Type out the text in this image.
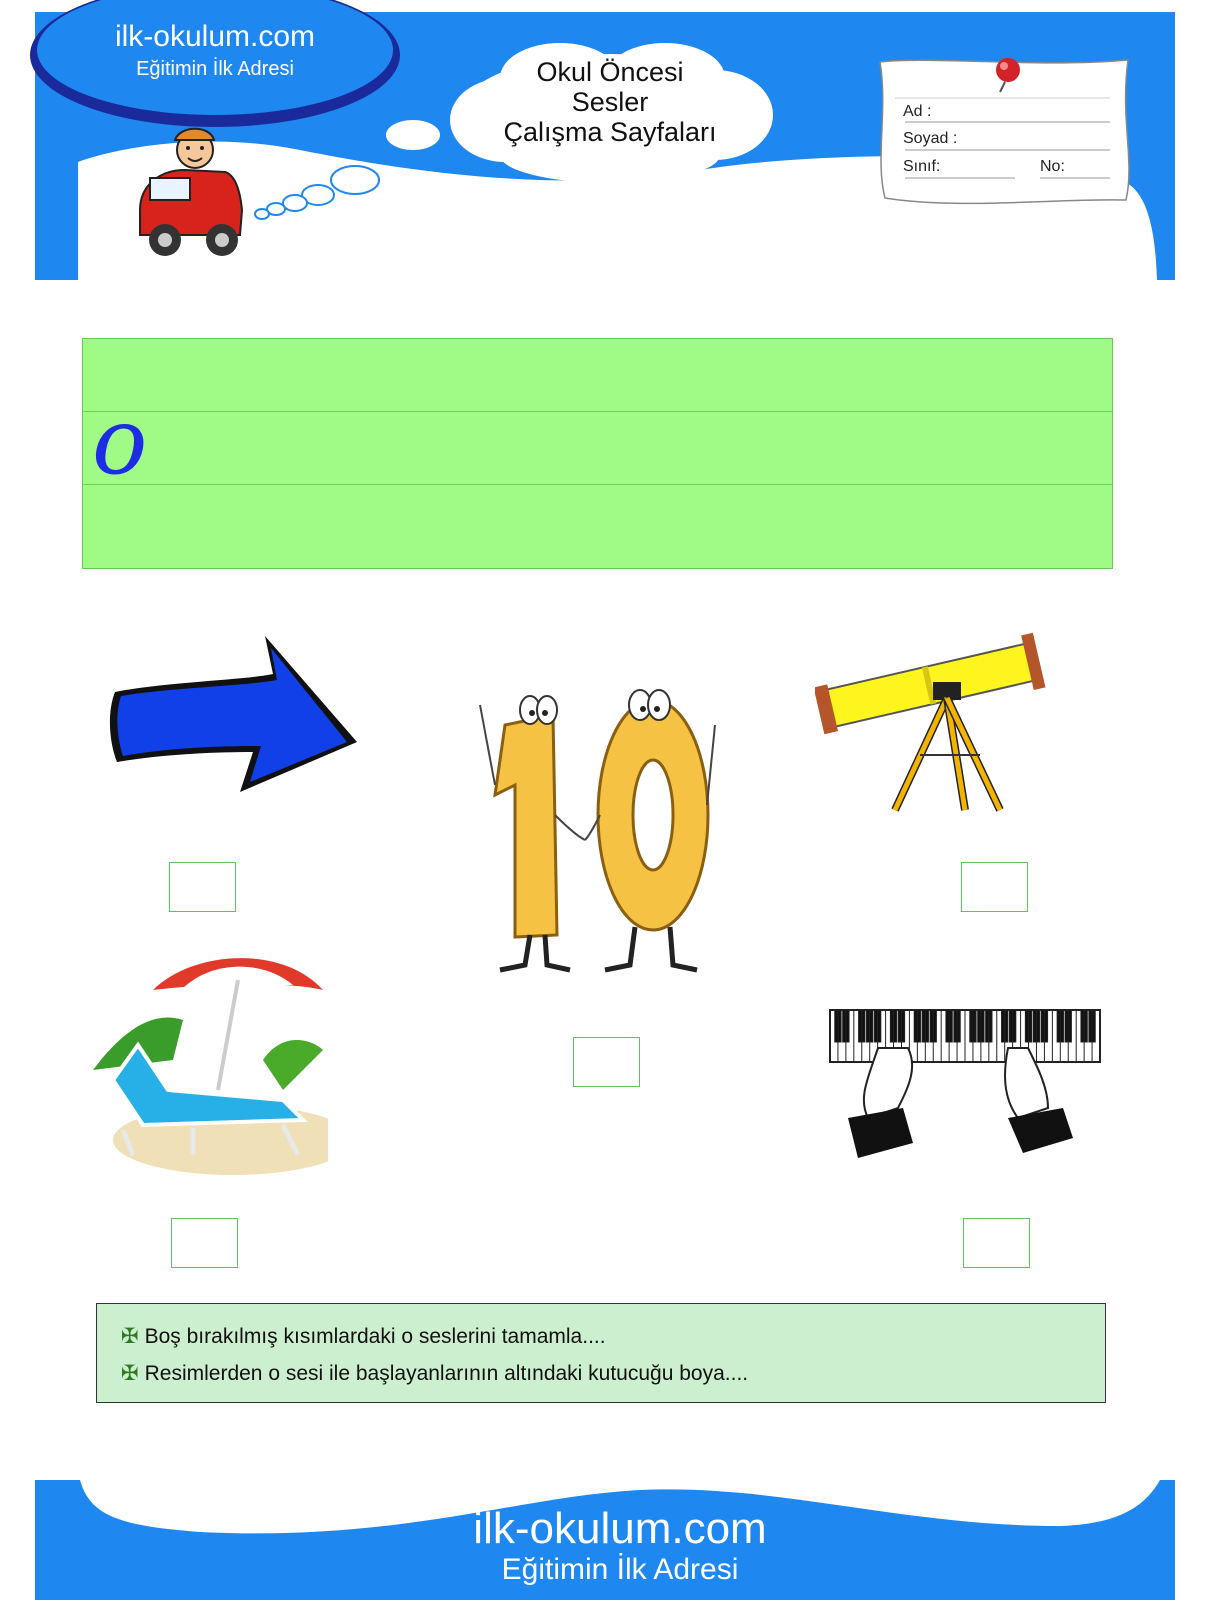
ilk-okulum.com
Eğitimin İlk Adresi	Okul Öncesi
Sesler
Çalışma Sayfaları
Ad :
Soyad :
Sınıf:	No:
o
✠ Boş bırakılmış kısımlardaki o seslerini tamamla....
✠ Resimlerden o sesi ile başlayanlarının altındaki kutucuğu boya....
ilk-okulum.com
Eğitimin İlk Adresi
